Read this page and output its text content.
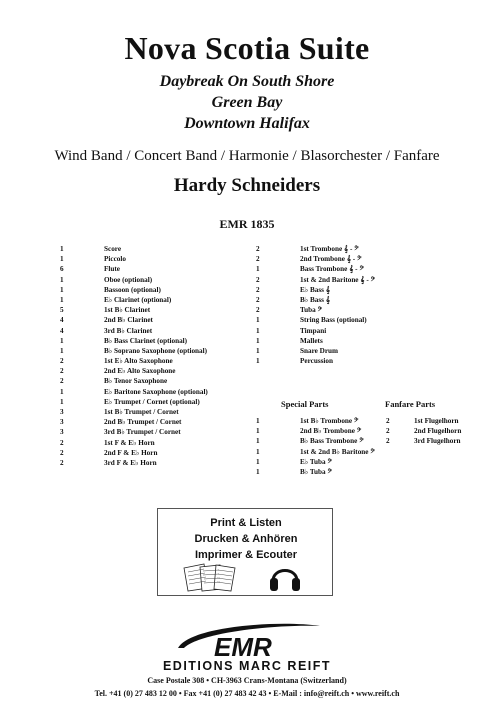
Nova Scotia Suite
Daybreak On South Shore
Green Bay
Downtown Halifax
Wind Band / Concert Band / Harmonie / Blasorchester / Fanfare
Hardy Schneiders
EMR 1835
1	Score
1	Piccolo
6	Flute
1	Oboe (optional)
1	Bassoon (optional)
1	E♭ Clarinet (optional)
5	1st B♭ Clarinet
4	2nd B♭ Clarinet
4	3rd B♭ Clarinet
1	B♭ Bass Clarinet (optional)
1	B♭ Soprano Saxophone (optional)
2	1st E♭ Alto Saxophone
2	2nd E♭ Alto Saxophone
2	B♭ Tenor Saxophone
1	E♭ Baritone Saxophone (optional)
1	E♭ Trumpet / Cornet (optional)
3	1st B♭ Trumpet / Cornet
3	2nd B♭ Trumpet / Cornet
3	3rd B♭ Trumpet / Cornet
2	1st F & E♭ Horn
2	2nd F & E♭ Horn
2	3rd F & E♭ Horn
2	1st Trombone 𝄞 - 𝄢
2	2nd Trombone 𝄞 - 𝄢
1	Bass Trombone 𝄞 - 𝄢
2	1st & 2nd Baritone 𝄞 - 𝄢
2	E♭ Bass 𝄞
2	B♭ Bass 𝄞
2	Tuba 𝄢
1	String Bass (optional)
1	Timpani
1	Mallets
1	Snare Drum
1	Percussion
Special Parts
1	1st B♭ Trombone 𝄢
1	2nd B♭ Trombone 𝄢
1	B♭ Bass Trombone 𝄢
1	1st & 2nd B♭ Baritone 𝄢
1	E♭ Tuba 𝄢
1	B♭ Tuba 𝄢
Fanfare Parts
2	1st Flugelhorn
2	2nd Flugelhorn
2	3rd Flugelhorn
Print & Listen
Drucken & Anhören
Imprimer & Ecouter
EMR
EDITIONS MARC REIFT
Case Postale 308 • CH-3963 Crans-Montana (Switzerland)
Tel. +41 (0) 27 483 12 00 • Fax +41 (0) 27 483 42 43 • E-Mail : info@reift.ch • www.reift.ch
